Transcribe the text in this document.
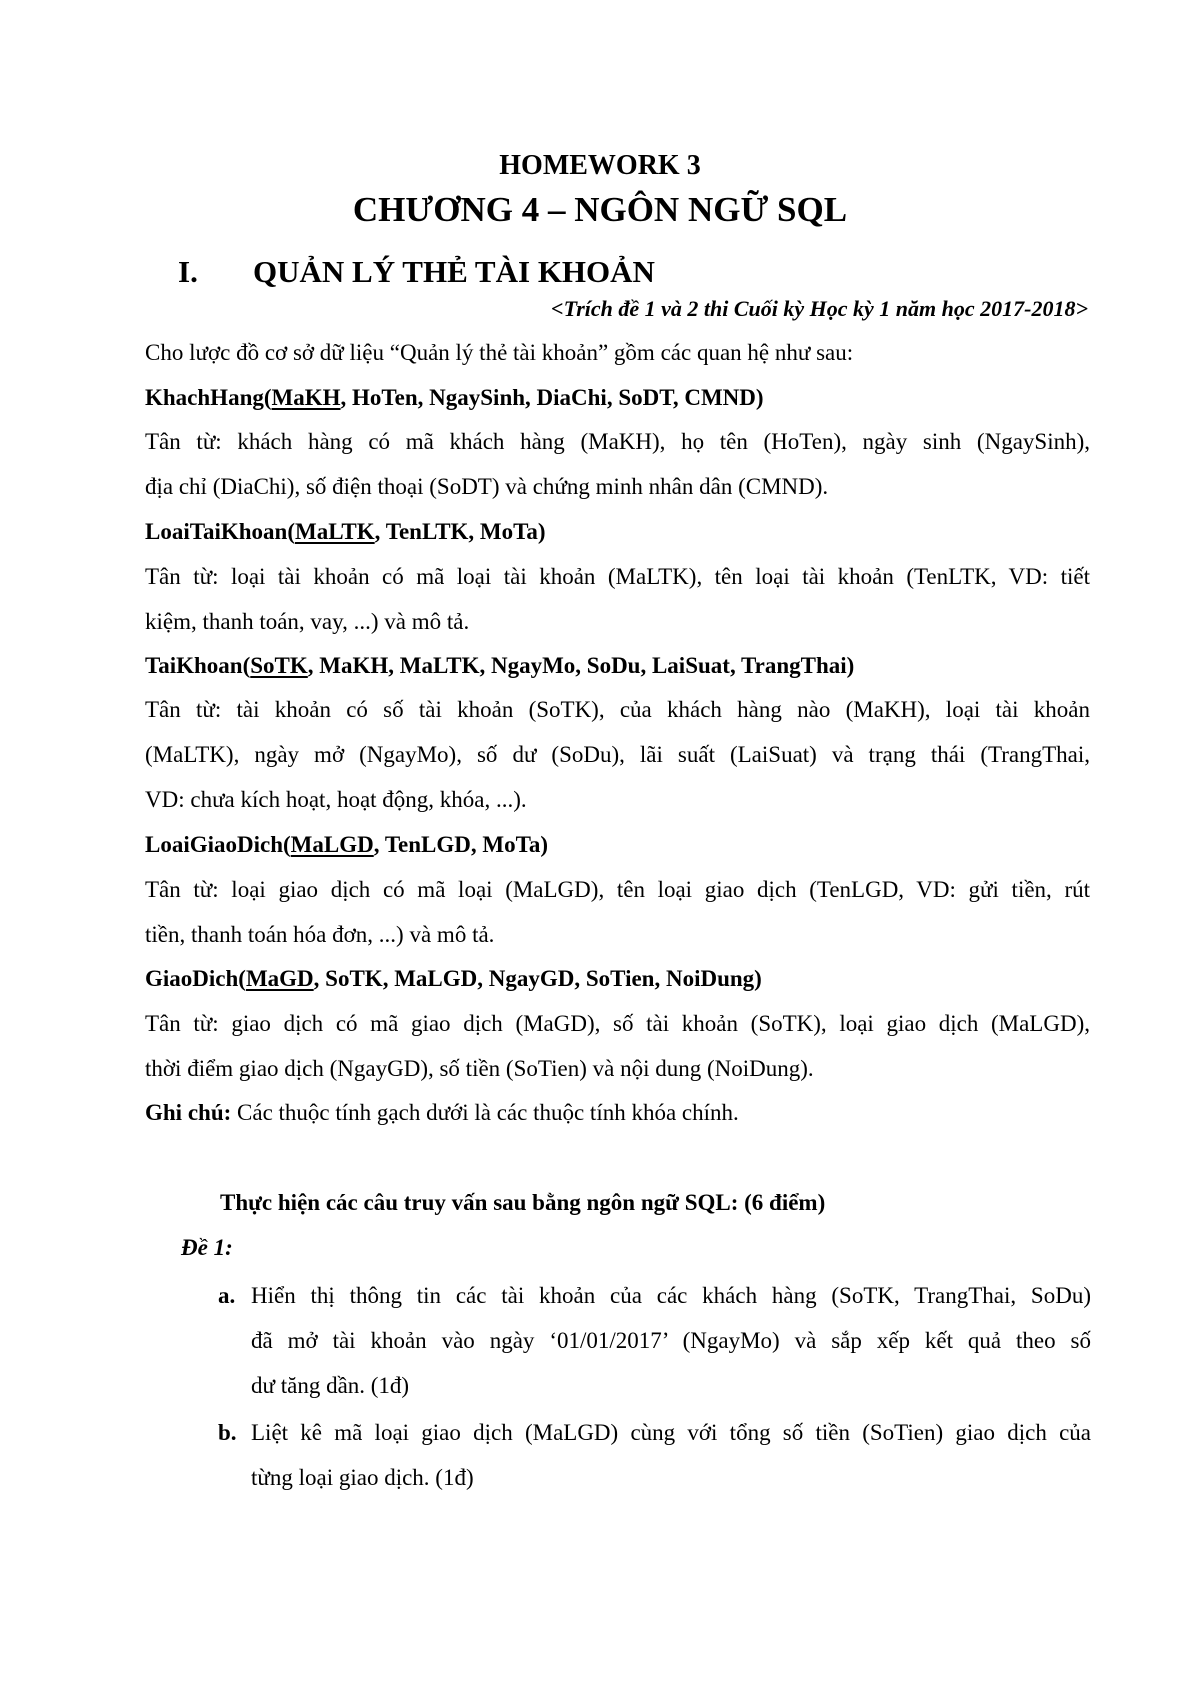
HOMEWORK 3
CHƯƠNG 4 – NGÔN NGỮ SQL
I. QUẢN LÝ THẺ TÀI KHOẢN
<Trích đề 1 và 2 thi Cuối kỳ Học kỳ 1 năm học 2017-2018>
Cho lược đồ cơ sở dữ liệu “Quản lý thẻ tài khoản” gồm các quan hệ như sau:
KhachHang(MaKH, HoTen, NgaySinh, DiaChi, SoDT, CMND)
Tân từ: khách hàng có mã khách hàng (MaKH), họ tên (HoTen), ngày sinh (NgaySinh),
địa chỉ (DiaChi), số điện thoại (SoDT) và chứng minh nhân dân (CMND).
LoaiTaiKhoan(MaLTK, TenLTK, MoTa)
Tân từ: loại tài khoản có mã loại tài khoản (MaLTK), tên loại tài khoản (TenLTK, VD: tiết
kiệm, thanh toán, vay, ...) và mô tả.
TaiKhoan(SoTK, MaKH, MaLTK, NgayMo, SoDu, LaiSuat, TrangThai)
Tân từ: tài khoản có số tài khoản (SoTK), của khách hàng nào (MaKH), loại tài khoản
(MaLTK), ngày mở (NgayMo), số dư (SoDu), lãi suất (LaiSuat) và trạng thái (TrangThai,
VD: chưa kích hoạt, hoạt động, khóa, ...).
LoaiGiaoDich(MaLGD, TenLGD, MoTa)
Tân từ: loại giao dịch có mã loại (MaLGD), tên loại giao dịch (TenLGD, VD: gửi tiền, rút
tiền, thanh toán hóa đơn, ...) và mô tả.
GiaoDich(MaGD, SoTK, MaLGD, NgayGD, SoTien, NoiDung)
Tân từ: giao dịch có mã giao dịch (MaGD), số tài khoản (SoTK), loại giao dịch (MaLGD),
thời điểm giao dịch (NgayGD), số tiền (SoTien) và nội dung (NoiDung).
Ghi chú: Các thuộc tính gạch dưới là các thuộc tính khóa chính.
Thực hiện các câu truy vấn sau bằng ngôn ngữ SQL: (6 điểm)
Đề 1:
a. Hiển thị thông tin các tài khoản của các khách hàng (SoTK, TrangThai, SoDu)
đã mở tài khoản vào ngày ‘01/01/2017’ (NgayMo) và sắp xếp kết quả theo số
dư tăng dần. (1đ)
b. Liệt kê mã loại giao dịch (MaLGD) cùng với tổng số tiền (SoTien) giao dịch của
từng loại giao dịch. (1đ)
